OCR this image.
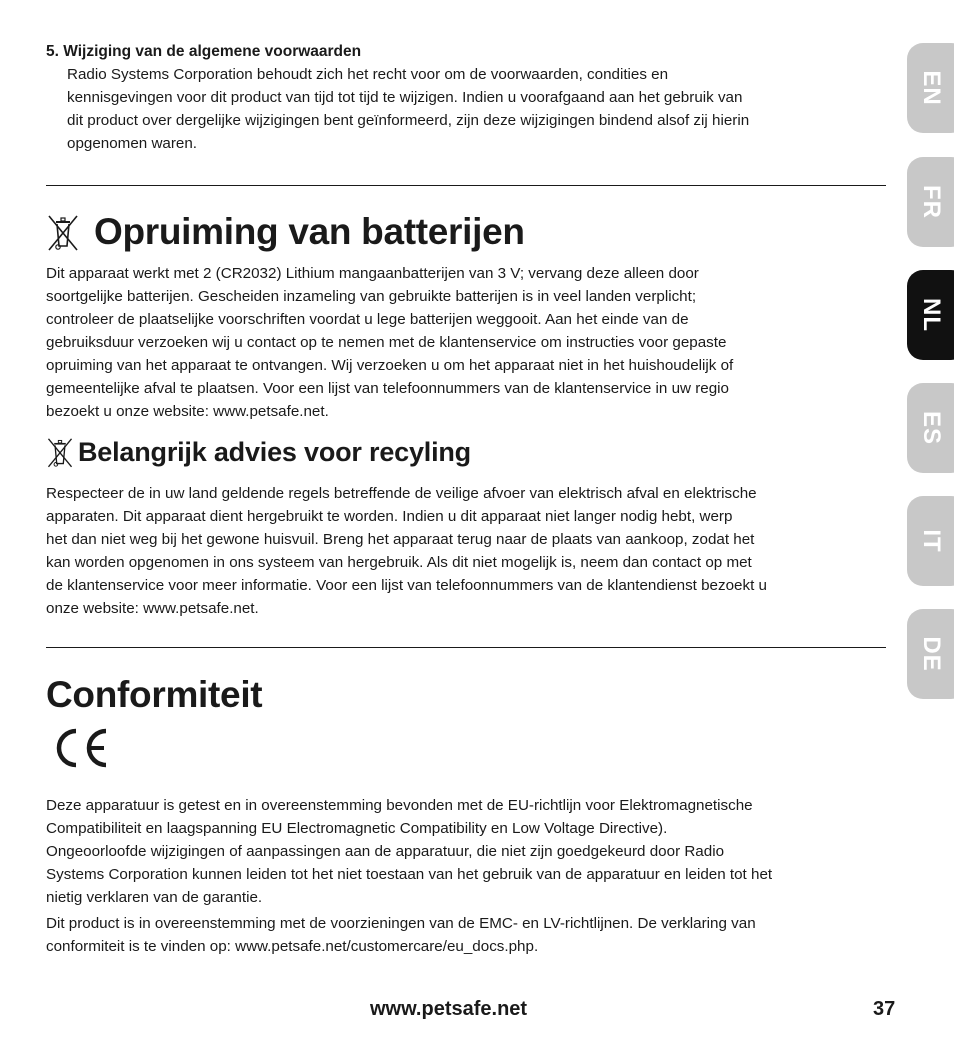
5. Wijziging van de algemene voorwaarden

Radio Systems Corporation behoudt zich het recht voor om de voorwaarden, condities en

kennisgevingen voor dit product van tijd tot tijd te wijzigen. Indien u voorafgaand aan het gebruik van

dit product over dergelijke wijzigingen bent geïnformeerd, zijn deze wijzigingen bindend alsof zij hierin

opgenomen waren.

Opruiming van batterijen

Dit apparaat werkt met 2 (CR2032) Lithium mangaanbatterijen van 3 V; vervang deze alleen door

soortgelijke batterijen. Gescheiden inzameling van gebruikte batterijen is in veel landen verplicht;

controleer de plaatselijke voorschriften voordat u lege batterijen weggooit. Aan het einde van de

gebruiksduur verzoeken wij u contact op te nemen met de klantenservice om instructies voor gepaste

opruiming van het apparaat te ontvangen. Wij verzoeken u om het apparaat niet in het huishoudelijk of

gemeentelijke afval te plaatsen. Voor een lijst van telefoonnummers van de klantenservice in uw regio

bezoekt u onze website: www.petsafe.net.

Belangrijk advies voor recyling

Respecteer de in uw land geldende regels betreffende de veilige afvoer van elektrisch afval en elektrische

apparaten. Dit apparaat dient hergebruikt te worden. Indien u dit apparaat niet langer nodig hebt, werp

het dan niet weg bij het gewone huisvuil. Breng het apparaat terug naar de plaats van aankoop, zodat het

kan worden opgenomen in ons systeem van hergebruik. Als dit niet mogelijk is, neem dan contact op met

de klantenservice voor meer informatie. Voor een lijst van telefoonnummers van de klantendienst bezoekt u

onze website: www.petsafe.net.

Conformiteit

Deze apparatuur is getest en in overeenstemming bevonden met de EU-richtlijn voor Elektromagnetische

Compatibiliteit en laagspanning EU Electromagnetic Compatibility en Low Voltage Directive).

Ongeoorloofde wijzigingen of aanpassingen aan de apparatuur, die niet zijn goedgekeurd door Radio

Systems Corporation kunnen leiden tot het niet toestaan van het gebruik van de apparatuur en leiden tot het

nietig verklaren van de garantie.

Dit product is in overeenstemming met de voorzieningen van de EMC- en LV-richtlijnen. De verklaring van

conformiteit is te vinden op: www.petsafe.net/customercare/eu_docs.php.

www.petsafe.net	37
EN
FR
NL
ES
IT
DE
